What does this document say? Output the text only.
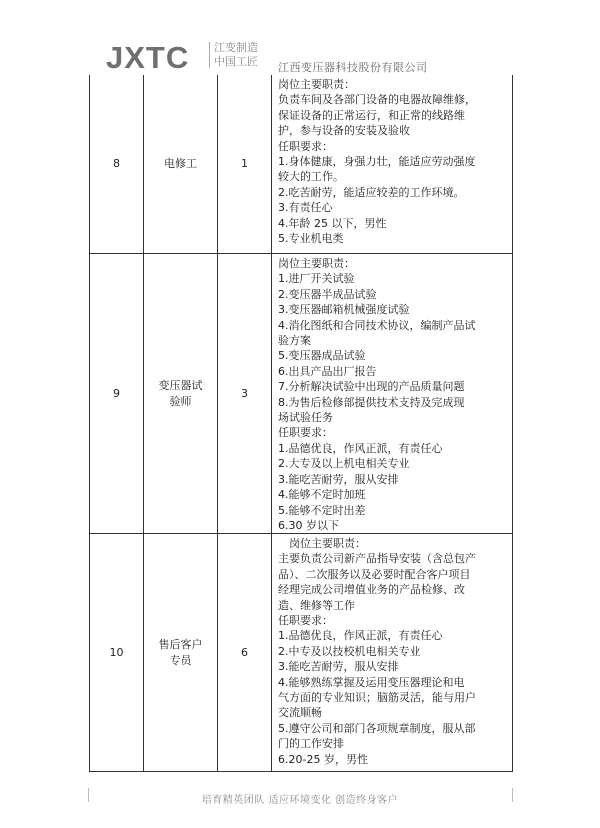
JXTC 江变制造
中国工匠 江西变压器科技股份有限公司
8	电修工	1
岗位主要职责：
负责车间及各部门设备的电器故障维修，
保证设备的正常运行，和正常的线路维
护，参与设备的安装及验收
任职要求：
1.身体健康，身强力壮，能适应劳动强度
较大的工作。
2.吃苦耐劳，能适应较差的工作环境。
3.有责任心
4.年龄 25 以下，男性
5.专业机电类
9
变压器试验师
3
岗位主要职责：
1.进厂开关试验
2.变压器半成品试验
3.变压器邮箱机械强度试验
4.消化图纸和合同技术协议，编制产品试
验方案
5.变压器成品试验
6.出具产品出厂报告
7.分析解决试验中出现的产品质量问题
8.为售后检修部提供技术支持及完成现
场试验任务
任职要求：
1.品德优良，作风正派，有责任心
2.大专及以上机电相关专业
3.能吃苦耐劳，服从安排
4.能够不定时加班
5.能够不定时出差
6.30 岁以下
10
售后客户专员
6
岗位主要职责：
主要负责公司新产品指导安装（含总包产
品）、二次服务以及必要时配合客户项目
经理完成公司增值业务的产品检修、改
造、维修等工作
任职要求：
1.品德优良，作风正派，有责任心
2.中专及以技校机电相关专业
3.能吃苦耐劳，服从安排
4.能够熟练掌握及运用变压器理论和电
气方面的专业知识；脑筋灵活，能与用户
交流顺畅
5.遵守公司和部门各项规章制度，服从部
门的工作安排
6.20-25 岁，男性
培育精英团队 适应环境变化 创造终身客户
